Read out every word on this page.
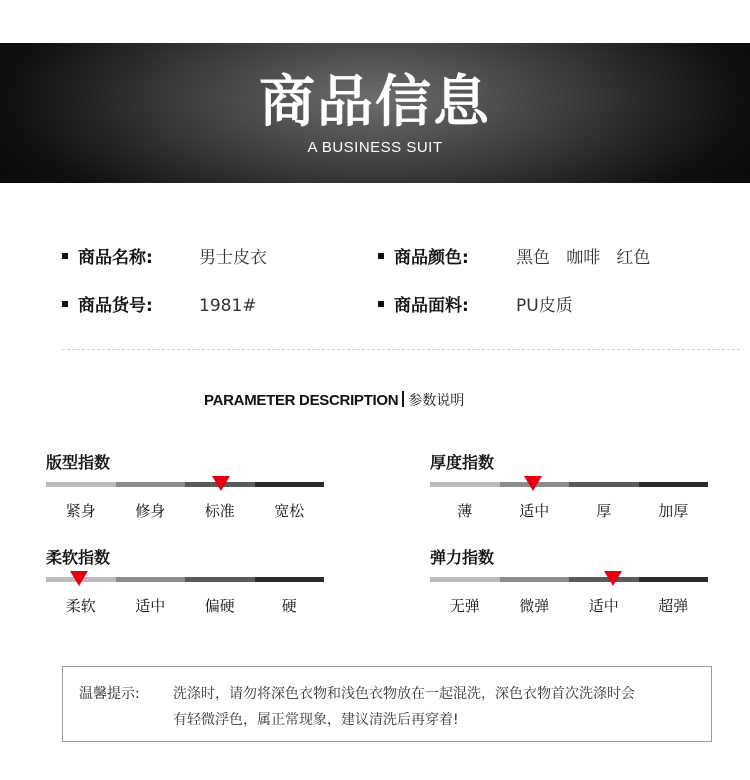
商品信息
A BUSINESS SUIT
商品名称:	男士皮衣	商品颜色:	黑色   咖啡   红色
商品货号:	1981#	商品面料:	PU皮质
PARAMETER DESCRIPTION 参数说明
版型指数
紧身	修身	标准	宽松
厚度指数
薄	适中	厚	加厚
柔软指数
柔软	适中	偏硬	硬
弹力指数
无弹	微弹	适中	超弹
温馨提示: 洗涤时，请勿将深色衣物和浅色衣物放在一起混洗，深色衣物首次洗涤时会
有轻微浮色，属正常现象，建议清洗后再穿着!
